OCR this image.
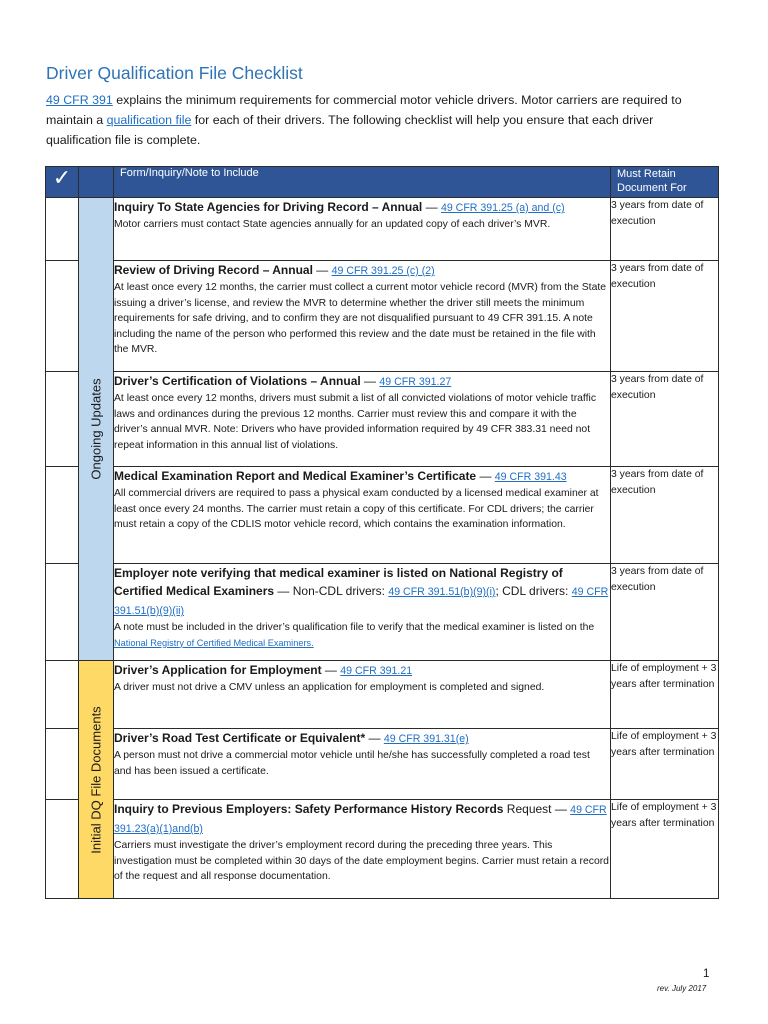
Driver Qualification File Checklist
49 CFR 391 explains the minimum requirements for commercial motor vehicle drivers. Motor carriers are required to maintain a qualification file for each of their drivers. The following checklist will help you ensure that each driver qualification file is complete.
✓		Form/Inquiry/Note to Include	Must Retain Document For

	Ongoing Updates	Inquiry To State Agencies for Driving Record – Annual — 49 CFR 391.25 (a) and (c)
Motor carriers must contact State agencies annually for an updated copy of each driver’s MVR.	3 years from date of execution

		Review of Driving Record – Annual — 49 CFR 391.25 (c) (2)
At least once every 12 months, the carrier must collect a current motor vehicle record (MVR) from the State issuing a driver’s license, and review the MVR to determine whether the driver still meets the minimum requirements for safe driving, and to confirm they are not disqualified pursuant to 49 CFR 391.15. A note including the name of the person who performed this review and the date must be retained in the file with the MVR.	3 years from date of execution

		Driver’s Certification of Violations – Annual — 49 CFR 391.27
At least once every 12 months, drivers must submit a list of all convicted violations of motor vehicle traffic laws and ordinances during the previous 12 months. Carrier must review this and compare it with the driver’s annual MVR. Note: Drivers who have provided information required by 49 CFR 383.31 need not repeat information in this annual list of violations.	3 years from date of execution

		Medical Examination Report and Medical Examiner’s Certificate — 49 CFR 391.43
All commercial drivers are required to pass a physical exam conducted by a licensed medical examiner at least once every 24 months. The carrier must retain a copy of this certificate. For CDL drivers; the carrier must retain a copy of the CDLIS motor vehicle record, which contains the examination information.	3 years from date of execution

		Employer note verifying that medical examiner is listed on National Registry of Certified Medical Examiners — Non-CDL drivers: 49 CFR 391.51(b)(9)(i); CDL drivers: 49 CFR 391.51(b)(9)(ii)
A note must be included in the driver’s qualification file to verify that the medical examiner is listed on the National Registry of Certified Medical Examiners.	3 years from date of execution

	Initial DQ File Documents	Driver’s Application for Employment — 49 CFR 391.21
A driver must not drive a CMV unless an application for employment is completed and signed.	Life of employment + 3 years after termination

		Driver’s Road Test Certificate or Equivalent* — 49 CFR 391.31(e)
A person must not drive a commercial motor vehicle until he/she has successfully completed a road test and has been issued a certificate.	Life of employment + 3 years after termination

		Inquiry to Previous Employers: Safety Performance History Records Request — 49 CFR 391.23(a)(1)and(b)
Carriers must investigate the driver’s employment record during the preceding three years. This investigation must be completed within 30 days of the date employment begins. Carrier must retain a record of the request and all response documentation.	Life of employment + 3 years after termination
1
rev. July 2017
